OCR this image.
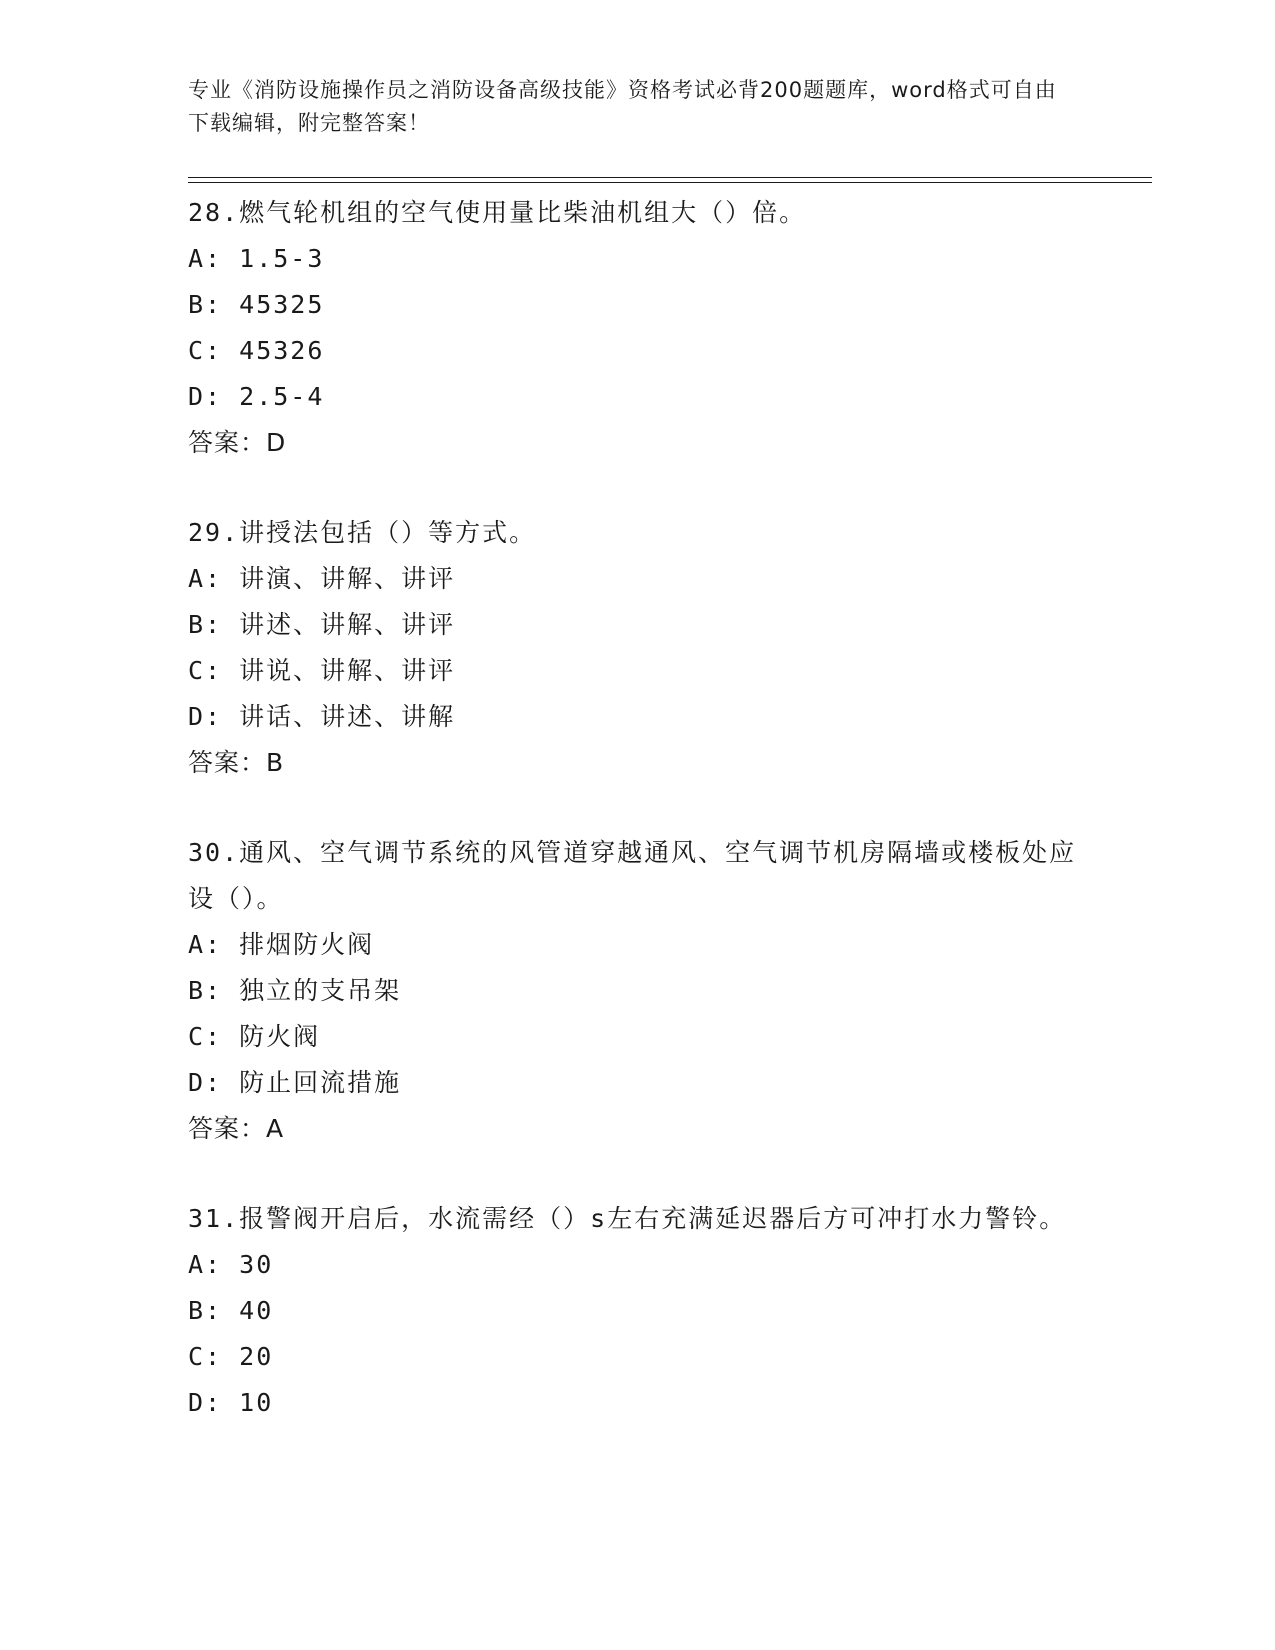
专业《消防设施操作员之消防设备高级技能》资格考试必背200题题库，word格式可自由下载编辑，附完整答案！

28.燃气轮机组的空气使用量比柴油机组大（）倍。

A: 1.5-3

B: 45325

C: 45326

D: 2.5-4

答案：D

29.讲授法包括（）等方式。

A: 讲演、讲解、讲评

B: 讲述、讲解、讲评

C: 讲说、讲解、讲评

D: 讲话、讲述、讲解

答案：B

30.通风、空气调节系统的风管道穿越通风、空气调节机房隔墙或楼板处应设（）。

A: 排烟防火阀

B: 独立的支吊架

C: 防火阀

D: 防止回流措施

答案：A

31.报警阀开启后，水流需经（）s左右充满延迟器后方可冲打水力警铃。

A: 30

B: 40

C: 20

D: 10
